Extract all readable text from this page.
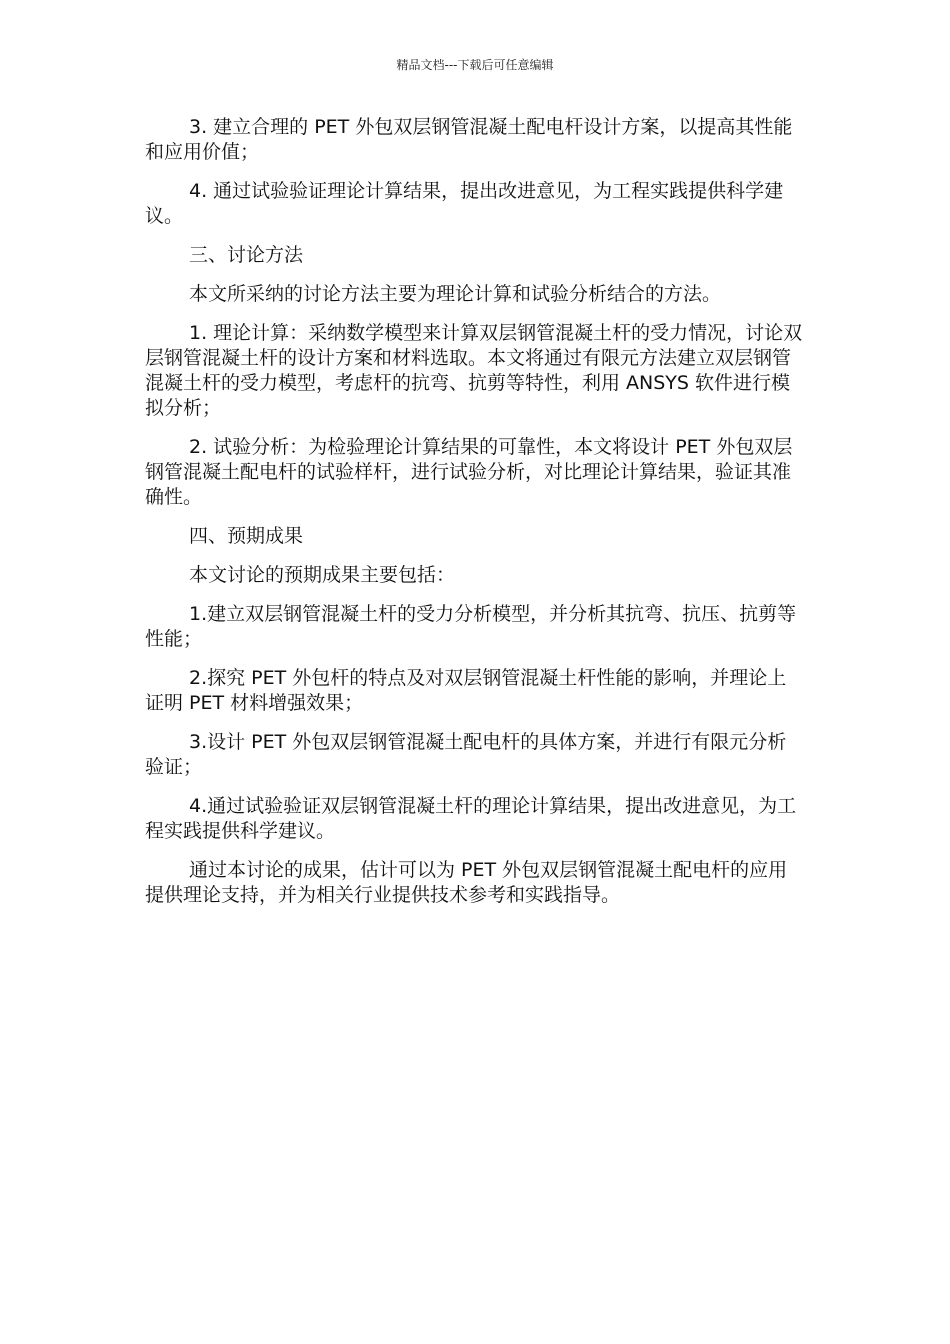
精品文档---下载后可任意编辑

3. 建立合理的 PET 外包双层钢管混凝土配电杆设计方案，以提高其性能和应用价值；

4. 通过试验验证理论计算结果，提出改进意见，为工程实践提供科学建议。

三、讨论方法

本文所采纳的讨论方法主要为理论计算和试验分析结合的方法。

1. 理论计算：采纳数学模型来计算双层钢管混凝土杆的受力情况，讨论双层钢管混凝土杆的设计方案和材料选取。本文将通过有限元方法建立双层钢管混凝土杆的受力模型，考虑杆的抗弯、抗剪等特性，利用 ANSYS 软件进行模拟分析；

2. 试验分析：为检验理论计算结果的可靠性，本文将设计 PET 外包双层钢管混凝土配电杆的试验样杆，进行试验分析，对比理论计算结果，验证其准确性。

四、预期成果

本文讨论的预期成果主要包括：

1.建立双层钢管混凝土杆的受力分析模型，并分析其抗弯、抗压、抗剪等性能；

2.探究 PET 外包杆的特点及对双层钢管混凝土杆性能的影响，并理论上证明 PET 材料增强效果；

3.设计 PET 外包双层钢管混凝土配电杆的具体方案，并进行有限元分析验证；

4.通过试验验证双层钢管混凝土杆的理论计算结果，提出改进意见，为工程实践提供科学建议。

通过本讨论的成果，估计可以为 PET 外包双层钢管混凝土配电杆的应用提供理论支持，并为相关行业提供技术参考和实践指导。
